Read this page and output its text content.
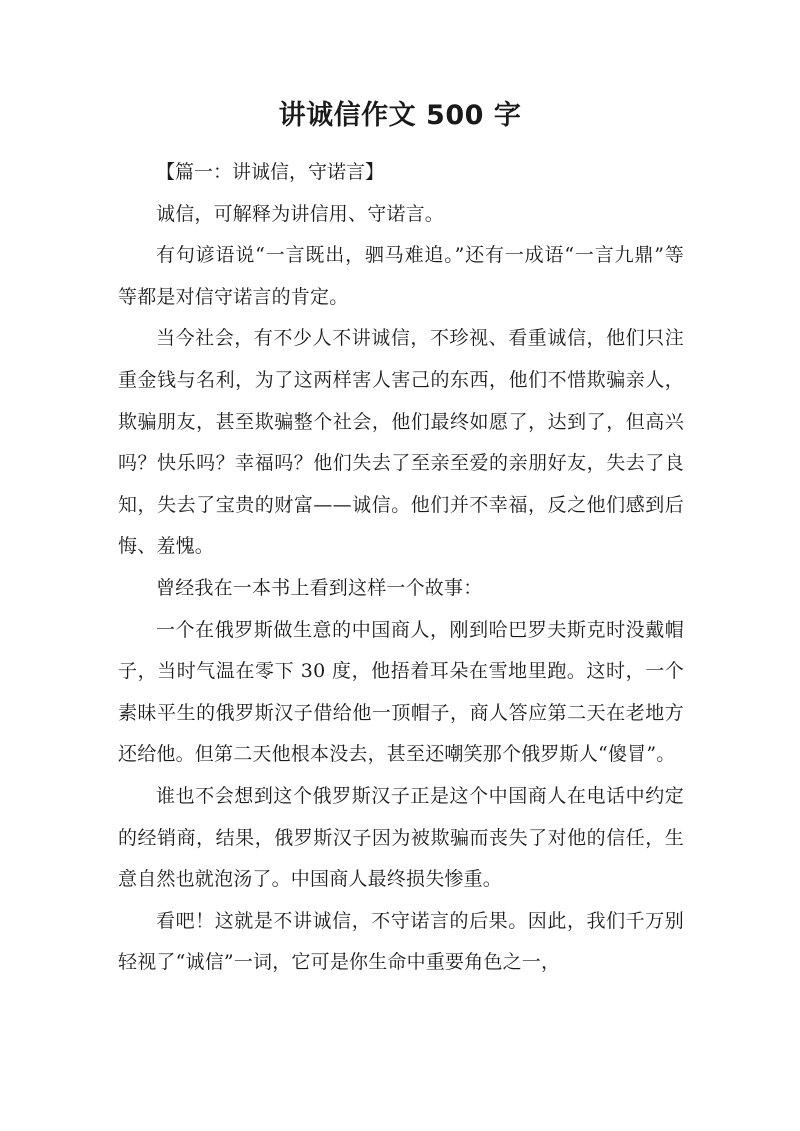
讲诚信作文 500 字

【篇一：讲诚信，守诺言】

诚信，可解释为讲信用、守诺言。

有句谚语说“一言既出，驷马难追。”还有一成语“一言九鼎”等等都是对信守诺言的肯定。

当今社会，有不少人不讲诚信，不珍视、看重诚信，他们只注重金钱与名利，为了这两样害人害己的东西，他们不惜欺骗亲人，欺骗朋友，甚至欺骗整个社会，他们最终如愿了，达到了，但高兴吗？快乐吗？幸福吗？他们失去了至亲至爱的亲朋好友，失去了良知，失去了宝贵的财富——诚信。他们并不幸福，反之他们感到后悔、羞愧。

曾经我在一本书上看到这样一个故事：

一个在俄罗斯做生意的中国商人，刚到哈巴罗夫斯克时没戴帽子，当时气温在零下 30 度，他捂着耳朵在雪地里跑。这时，一个素昧平生的俄罗斯汉子借给他一顶帽子，商人答应第二天在老地方还给他。但第二天他根本没去，甚至还嘲笑那个俄罗斯人“傻冒”。

谁也不会想到这个俄罗斯汉子正是这个中国商人在电话中约定的经销商，结果，俄罗斯汉子因为被欺骗而丧失了对他的信任，生意自然也就泡汤了。中国商人最终损失惨重。

看吧！这就是不讲诚信，不守诺言的后果。因此，我们千万别轻视了“诚信”一词，它可是你生命中重要角色之一，
